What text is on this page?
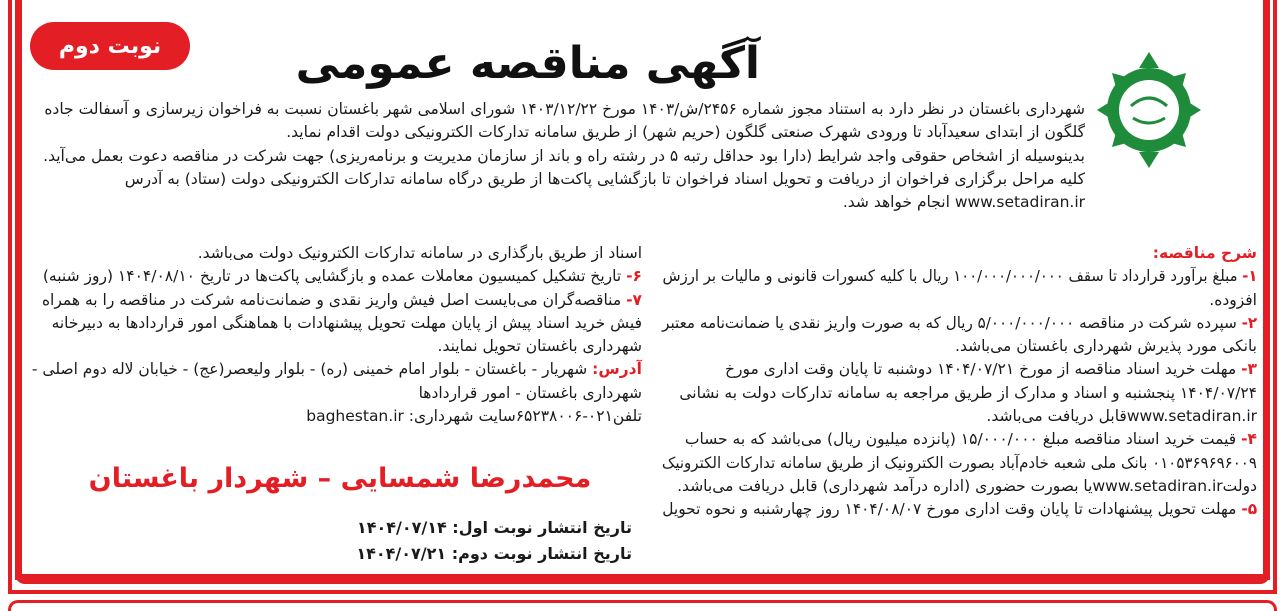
نوبت دوم	آگهی مناقصه عمومی
شهرداری باغستان در نظر دارد به استناد مجوز شماره ۲۴۵۶/ش/۱۴۰۳ مورخ ۱۴۰۳/۱۲/۲۲ شورای اسلامی شهر باغستان نسبت به فراخوان زیرسازی و آسفالت جاده
گلگون از ابتدای سعیدآباد تا ورودی شهرک صنعتی گلگون (حریم شهر) از طریق سامانه تدارکات الکترونیکی دولت اقدام نماید.
بدینوسیله از اشخاص حقوقی واجد شرایط (دارا بود حداقل رتبه ۵ در رشته راه و باند از سازمان مدیریت و برنامه‌ریزی) جهت شرکت در مناقصه دعوت بعمل می‌آید.
کلیه مراحل برگزاری فراخوان از دریافت و تحویل اسناد فراخوان تا بازگشایی پاکت‌ها از طریق درگاه سامانه تدارکات الکترونیکی دولت (ستاد) به آدرس
www.setadiran.ir انجام خواهد شد.
شرح مناقصه:
۱- مبلغ برآورد قرارداد تا سقف ۱۰۰/۰۰۰/۰۰۰/۰۰۰ ریال با کلیه کسورات قانونی و مالیات بر ارزش
افزوده.
۲- سپرده شرکت در مناقصه ۵/۰۰۰/۰۰۰/۰۰۰ ریال که به صورت واریز نقدی یا ضمانت‌نامه معتبر
بانکی مورد پذیرش شهرداری باغستان می‌باشد.
۳- مهلت خرید اسناد مناقصه از مورخ ۱۴۰۴/۰۷/۲۱ دوشنبه تا پایان وقت اداری مورخ
۱۴۰۴/۰۷/۲۴ پنجشنبه و اسناد و مدارک از طریق مراجعه به سامانه تدارکات دولت به نشانی
www.setadiran.irقابل دریافت می‌باشد.
۴- قیمت خرید اسناد مناقصه مبلغ ۱۵/۰۰۰/۰۰۰ (پانزده میلیون ریال) می‌باشد که به حساب
۰۱۰۵۳۶۹۶۹۶۰۰۹ بانک ملی شعبه خادم‌آباد بصورت الکترونیک از طریق سامانه تدارکات الکترونیک
دولتwww.setadiran.irیا بصورت حضوری (اداره درآمد شهرداری) قابل دریافت می‌باشد.
۵- مهلت تحویل پیشنهادات تا پایان وقت اداری مورخ ۱۴۰۴/۰۸/۰۷ روز چهارشنبه و نحوه تحویل
اسناد از طریق بارگذاری در سامانه تدارکات الکترونیک دولت می‌باشد.
۶- تاریخ تشکیل کمیسیون معاملات عمده و بازگشایی پاکت‌ها در تاریخ ۱۴۰۴/۰۸/۱۰ (روز شنبه)
۷- مناقصه‌گران می‌بایست اصل فیش واریز نقدی و ضمانت‌نامه شرکت در مناقصه را به همراه
فیش خرید اسناد پیش از پایان مهلت تحویل پیشنهادات با هماهنگی امور قراردادها به دبیرخانه
شهرداری باغستان تحویل نمایند.
آدرس: شهریار - باغستان - بلوار امام خمینی (ره) - بلوار ولیعصر(عج) - خیابان لاله دوم اصلی -
شهرداری باغستان - امور قراردادها
تلفن۰۲۱-۶۵۲۳۸۰۰۶سایت شهرداری: baghestan.ir
محمدرضا شمسایی – شهردار باغستان
تاریخ انتشار نوبت اول: ۱۴۰۴/۰۷/۱۴
تاریخ انتشار نوبت دوم: ۱۴۰۴/۰۷/۲۱
